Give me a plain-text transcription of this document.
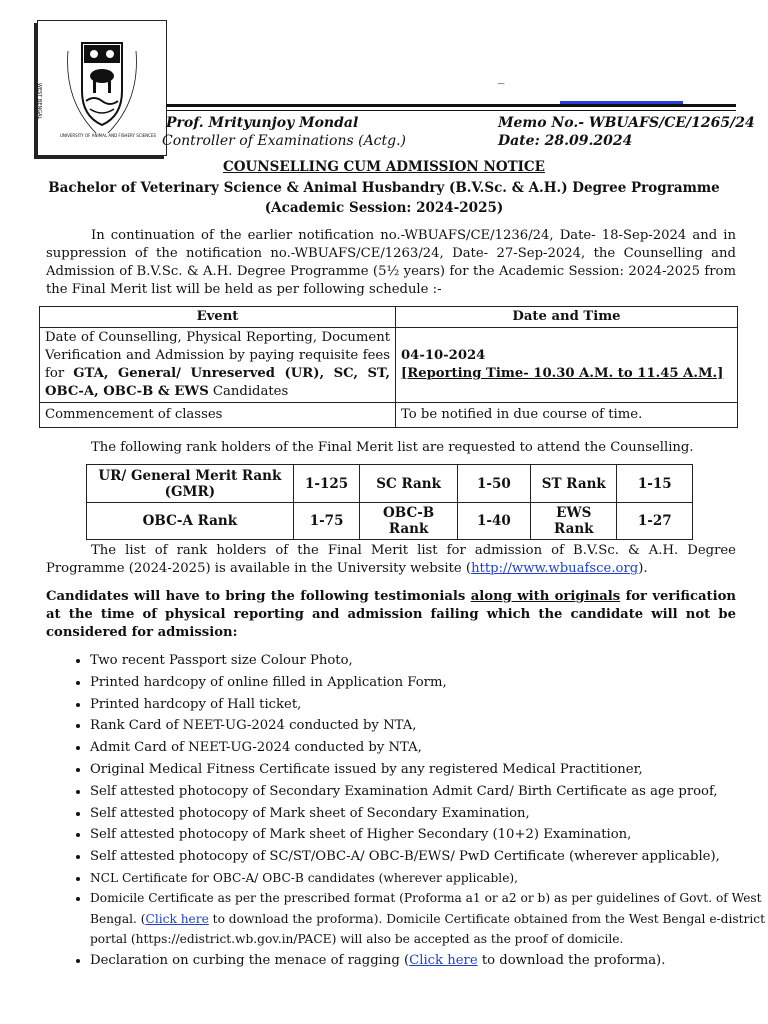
WEST BENGAL
UNIVERSITY OF ANIMAL AND FISHERY SCIENCES
_
Prof. Mrityunjoy Mondal
Controller of Examinations (Actg.)
Memo No.- WBUAFS/CE/1265/24
Date: 28.09.2024
COUNSELLING CUM ADMISSION NOTICE
Bachelor of Veterinary Science & Animal Husbandry (B.V.Sc. & A.H.) Degree Programme
(Academic Session: 2024-2025)
In continuation of the earlier notification no.-WBUAFS/CE/1236/24, Date- 18-Sep-2024 and in suppression of the notification no.-WBUAFS/CE/1263/24, Date- 27-Sep-2024, the Counselling and Admission of B.V.Sc. & A.H. Degree Programme (5½ years) for the Academic Session: 2024-2025 from the Final Merit list will be held as per following schedule :-
Event	Date and Time
Date of Counselling, Physical Reporting, Document Verification and Admission by paying requisite fees for GTA, General/ Unreserved (UR), SC, ST, OBC-A, OBC-B & EWS Candidates	04-10-2024
[Reporting Time- 10.30 A.M. to 11.45 A.M.]
Commencement of classes	To be notified in due course of time.
The following rank holders of the Final Merit list are requested to attend the Counselling.
UR/ General Merit Rank (GMR)	1-125	SC Rank	1-50	ST Rank	1-15
OBC-A Rank	1-75	OBC-B Rank	1-40	EWS Rank	1-27
The list of rank holders of the Final Merit list for admission of B.V.Sc. & A.H. Degree Programme (2024-2025) is available in the University website (http://www.wbuafsce.org).
Candidates will have to bring the following testimonials along with originals for verification at the time of physical reporting and admission failing which the candidate will not be considered for admission:
• Two recent Passport size Colour Photo,
• Printed hardcopy of online filled in Application Form,
• Printed hardcopy of Hall ticket,
• Rank Card of NEET-UG-2024 conducted by NTA,
• Admit Card of NEET-UG-2024 conducted by NTA,
• Original Medical Fitness Certificate issued by any registered Medical Practitioner,
• Self attested photocopy of Secondary Examination Admit Card/ Birth Certificate as age proof,
• Self attested photocopy of Mark sheet of Secondary Examination,
• Self attested photocopy of Mark sheet of Higher Secondary (10+2) Examination,
• Self attested photocopy of SC/ST/OBC-A/ OBC-B/EWS/ PwD Certificate (wherever applicable),
• NCL Certificate for OBC-A/ OBC-B candidates (wherever applicable),
• Domicile Certificate as per the prescribed format (Proforma a1 or a2 or b) as per guidelines of Govt. of West Bengal. (Click here to download the proforma). Domicile Certificate obtained from the West Bengal e-district portal (https://edistrict.wb.gov.in/PACE) will also be accepted as the proof of domicile.
• Declaration on curbing the menace of ragging (Click here to download the proforma).
